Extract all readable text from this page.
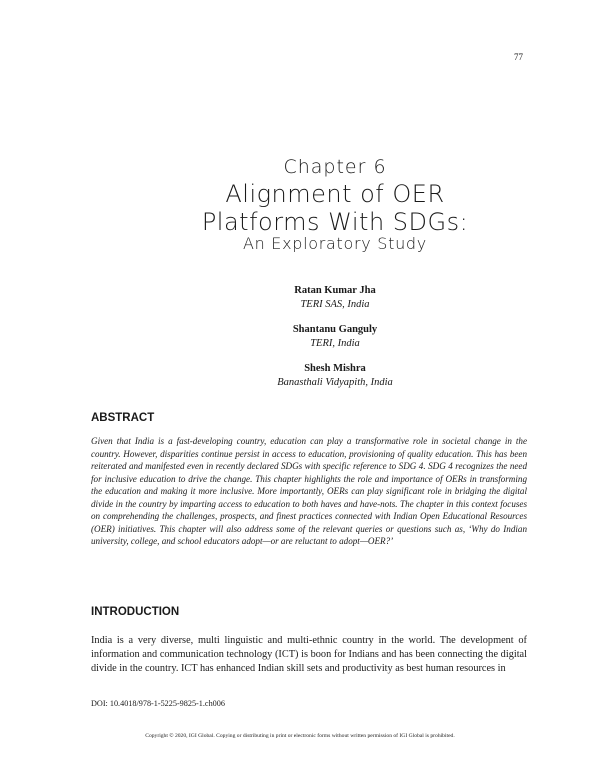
77
Chapter 6
Alignment of OER
Platforms With SDGs:
An Exploratory Study
Ratan Kumar Jha
TERI SAS, India
Shantanu Ganguly
TERI, India
Shesh Mishra
Banasthali Vidyapith, India
ABSTRACT
Given that India is a fast-developing country, education can play a transformative role in societal change in the country. However, disparities continue persist in access to education, provisioning of quality education. This has been reiterated and manifested even in recently declared SDGs with specific reference to SDG 4. SDG 4 recognizes the need for inclusive education to drive the change. This chapter highlights the role and importance of OERs in transforming the education and making it more inclusive. More importantly, OERs can play significant role in bridging the digital divide in the country by imparting access to education to both haves and have-nots. The chapter in this context focuses on comprehending the challenges, prospects, and finest practices connected with Indian Open Educational Resources (OER) initiatives. This chapter will also address some of the relevant queries or questions such as, ‘Why do Indian university, college, and school educators adopt—or are reluctant to adopt—OER?’
INTRODUCTION
India is a very diverse, multi linguistic and multi-ethnic country in the world. The development of information and communication technology (ICT) is boon for Indians and has been connecting the digital divide in the country. ICT has enhanced Indian skill sets and productivity as best human resources in
DOI: 10.4018/978-1-5225-9825-1.ch006
Copyright © 2020, IGI Global. Copying or distributing in print or electronic forms without written permission of IGI Global is prohibited.
